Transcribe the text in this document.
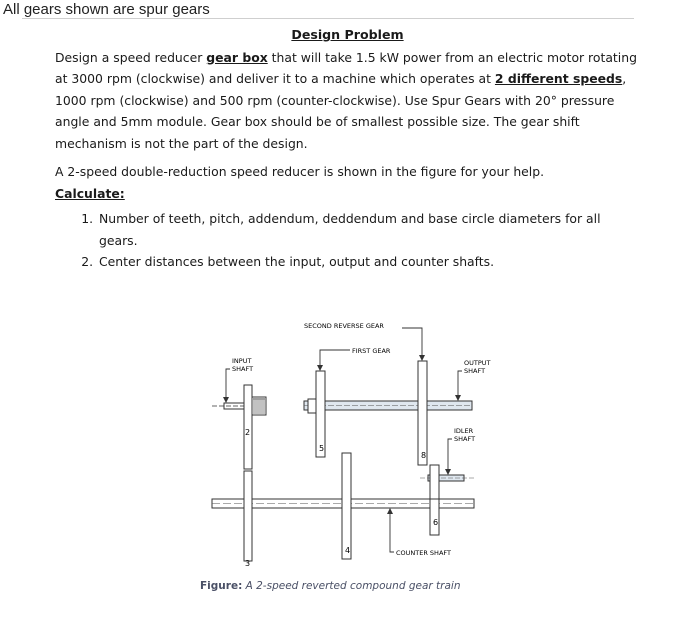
All gears shown are spur gears
Design Problem

Design a speed reducer gear box that will take 1.5 kW power from an electric motor rotating at 3000 rpm (clockwise) and deliver it to a machine which operates at 2 different speeds, 1000 rpm (clockwise) and 500 rpm (counter-clockwise). Use Spur Gears with 20° pressure angle and 5mm module. Gear box should be of smallest possible size. The gear shift mechanism is not the part of the design.

A 2-speed double-reduction speed reducer is shown in the figure for your help.

Calculate:

1. Number of teeth, pitch, addendum, deddendum and base circle diameters for all gears.
2. Center distances between the input, output and counter shafts.
2
3
4
5
6
8
SECOND REVERSE GEAR
FIRST GEAR
INPUT
SHAFT
OUTPUT
SHAFT
IDLER
SHAFT
COUNTER SHAFT
Figure: A 2-speed reverted compound gear train
